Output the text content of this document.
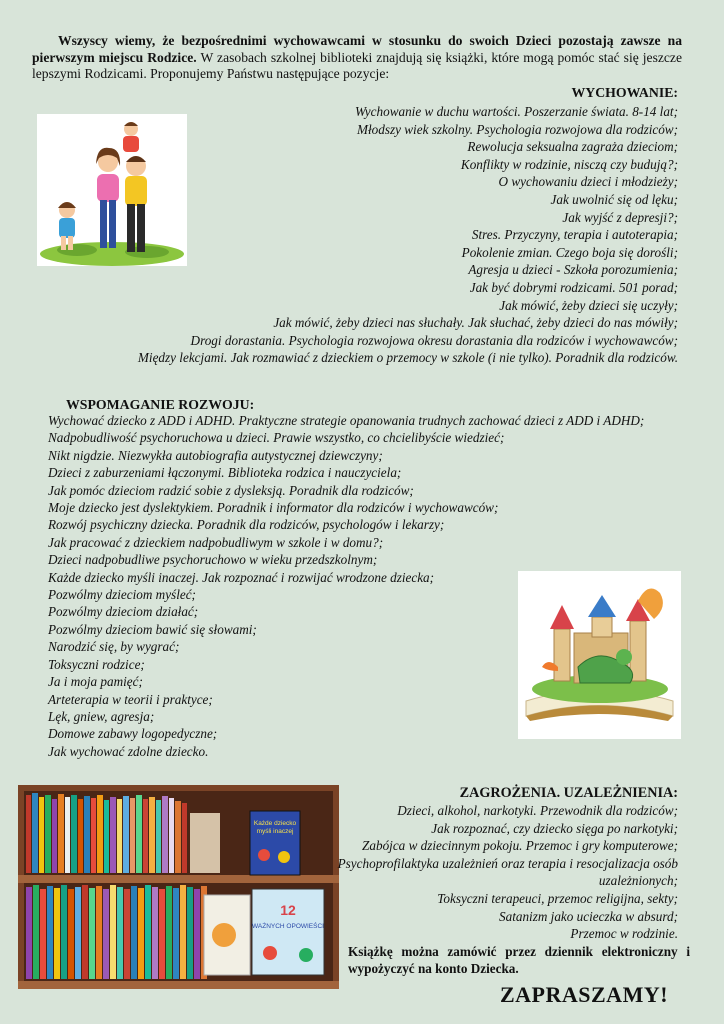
Wszyscy wiemy, że bezpośrednimi wychowawcami w stosunku do swoich Dzieci pozostają zawsze na pierwszym miejscu Rodzice. W zasobach szkolnej biblioteki znajdują się książki, które mogą pomóc stać się jeszcze lepszymi Rodzicami. Proponujemy Państwu następujące pozycje:
WYCHOWANIE:
Wychowanie w duchu wartości. Poszerzanie świata. 8-14 lat;
Młodszy wiek szkolny. Psychologia rozwojowa dla rodziców;
Rewolucja seksualna zagraża dzieciom;
Konflikty w rodzinie, nisczą czy budują?;
O wychowaniu dzieci i młodzieży;
Jak uwolnić się od lęku;
Jak wyjść z depresji?;
Stres. Przyczyny, terapia i autoterapia;
Pokolenie zmian. Czego boja się dorośli;
Agresja u dzieci - Szkoła porozumienia;
Jak być dobrymi rodzicami. 501 porad;
Jak mówić, żeby dzieci się uczyły;
Jak mówić, żeby dzieci nas słuchały. Jak słuchać, żeby dzieci do nas mówiły;
Drogi dorastania. Psychologia rozwojowa okresu dorastania dla rodziców i wychowawców;
Między lekcjami. Jak rozmawiać z dzieckiem o przemocy w szkole (i nie tylko). Poradnik dla rodziców.
WSPOMAGANIE ROZWOJU:
Wychować dziecko z ADD i ADHD. Praktyczne strategie opanowania trudnych zachować dzieci z ADD i ADHD;
Nadpobudliwość psychoruchowa u dzieci. Prawie wszystko, co chcielibyście wiedzieć;
Nikt nigdzie. Niezwykła autobiografia autystycznej dziewczyny;
Dzieci z zaburzeniami łączonymi. Biblioteka rodzica i nauczyciela;
Jak pomóc dzieciom radzić sobie z dysleksją. Poradnik dla rodziców;
Moje dziecko jest dyslektykiem. Poradnik i informator dla rodziców i wychowawców;
Rozwój psychiczny dziecka. Poradnik dla rodziców, psychologów i lekarzy;
Jak pracować z dzieckiem nadpobudliwym w szkole i w domu?;
Dzieci nadpobudliwe psychoruchowo w wieku przedszkolnym;
Każde dziecko myśli inaczej. Jak rozpoznać i rozwijać wrodzone dziecka;
Pozwólmy dzieciom myśleć;
Pozwólmy dzieciom działać;
Pozwólmy dzieciom bawić się słowami;
Narodzić się, by wygrać;
Toksyczni rodzice;
Ja i moja pamięć;
Arteterapia w teorii i praktyce;
Lęk, gniew, agresja;
Domowe zabawy logopedyczne;
Jak wychować zdolne dziecko.
Każde dziecko
myśli inaczej
12
WAŻNYCH OPOWIEŚCI
ZAGROŻENIA. UZALEŻNIENIA:
Dzieci, alkohol, narkotyki. Przewodnik dla rodziców;
Jak rozpoznać, czy dziecko sięga po narkotyki;
Zabójca w dziecinnym pokoju. Przemoc i gry komputerowe;
Psychoprofilaktyka uzależnień oraz terapia i resocjalizacja osób
uzależnionych;
Toksyczni terapeuci, przemoc religijna, sekty;
Satanizm jako ucieczka w absurd;
Przemoc w rodzinie.
Książkę można zamówić przez dziennik elektroniczny i wypożyczyć na konto Dziecka.
ZAPRASZAMY!
